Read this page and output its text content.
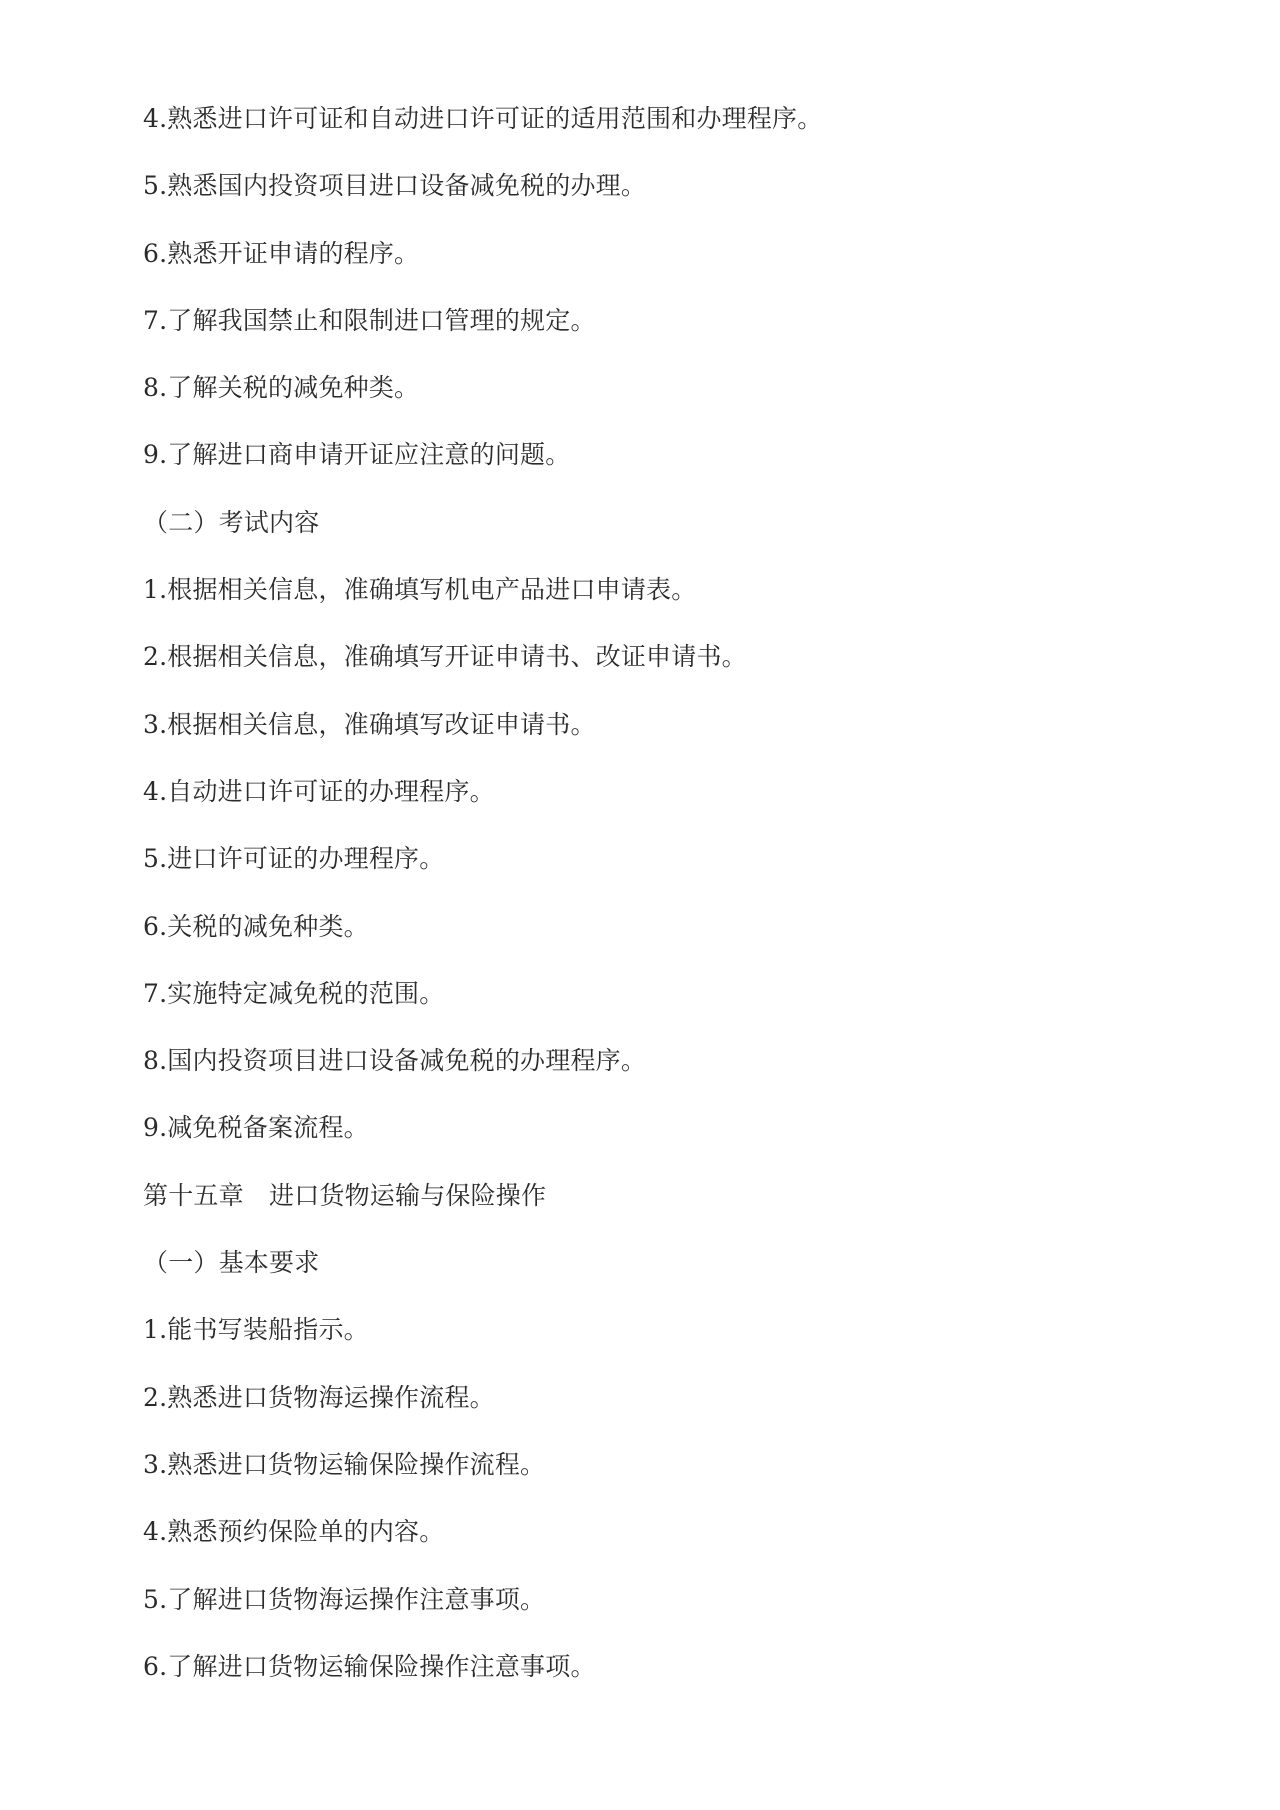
4.熟悉进口许可证和自动进口许可证的适用范围和办理程序。
5.熟悉国内投资项目进口设备减免税的办理。
6.熟悉开证申请的程序。
7.了解我国禁止和限制进口管理的规定。
8.了解关税的减免种类。
9.了解进口商申请开证应注意的问题。
（二）考试内容
1.根据相关信息，准确填写机电产品进口申请表。
2.根据相关信息，准确填写开证申请书、改证申请书。
3.根据相关信息，准确填写改证申请书。
4.自动进口许可证的办理程序。
5.进口许可证的办理程序。
6.关税的减免种类。
7.实施特定减免税的范围。
8.国内投资项目进口设备减免税的办理程序。
9.减免税备案流程。
第十五章　进口货物运输与保险操作
（一）基本要求
1.能书写装船指示。
2.熟悉进口货物海运操作流程。
3.熟悉进口货物运输保险操作流程。
4.熟悉预约保险单的内容。
5.了解进口货物海运操作注意事项。
6.了解进口货物运输保险操作注意事项。
